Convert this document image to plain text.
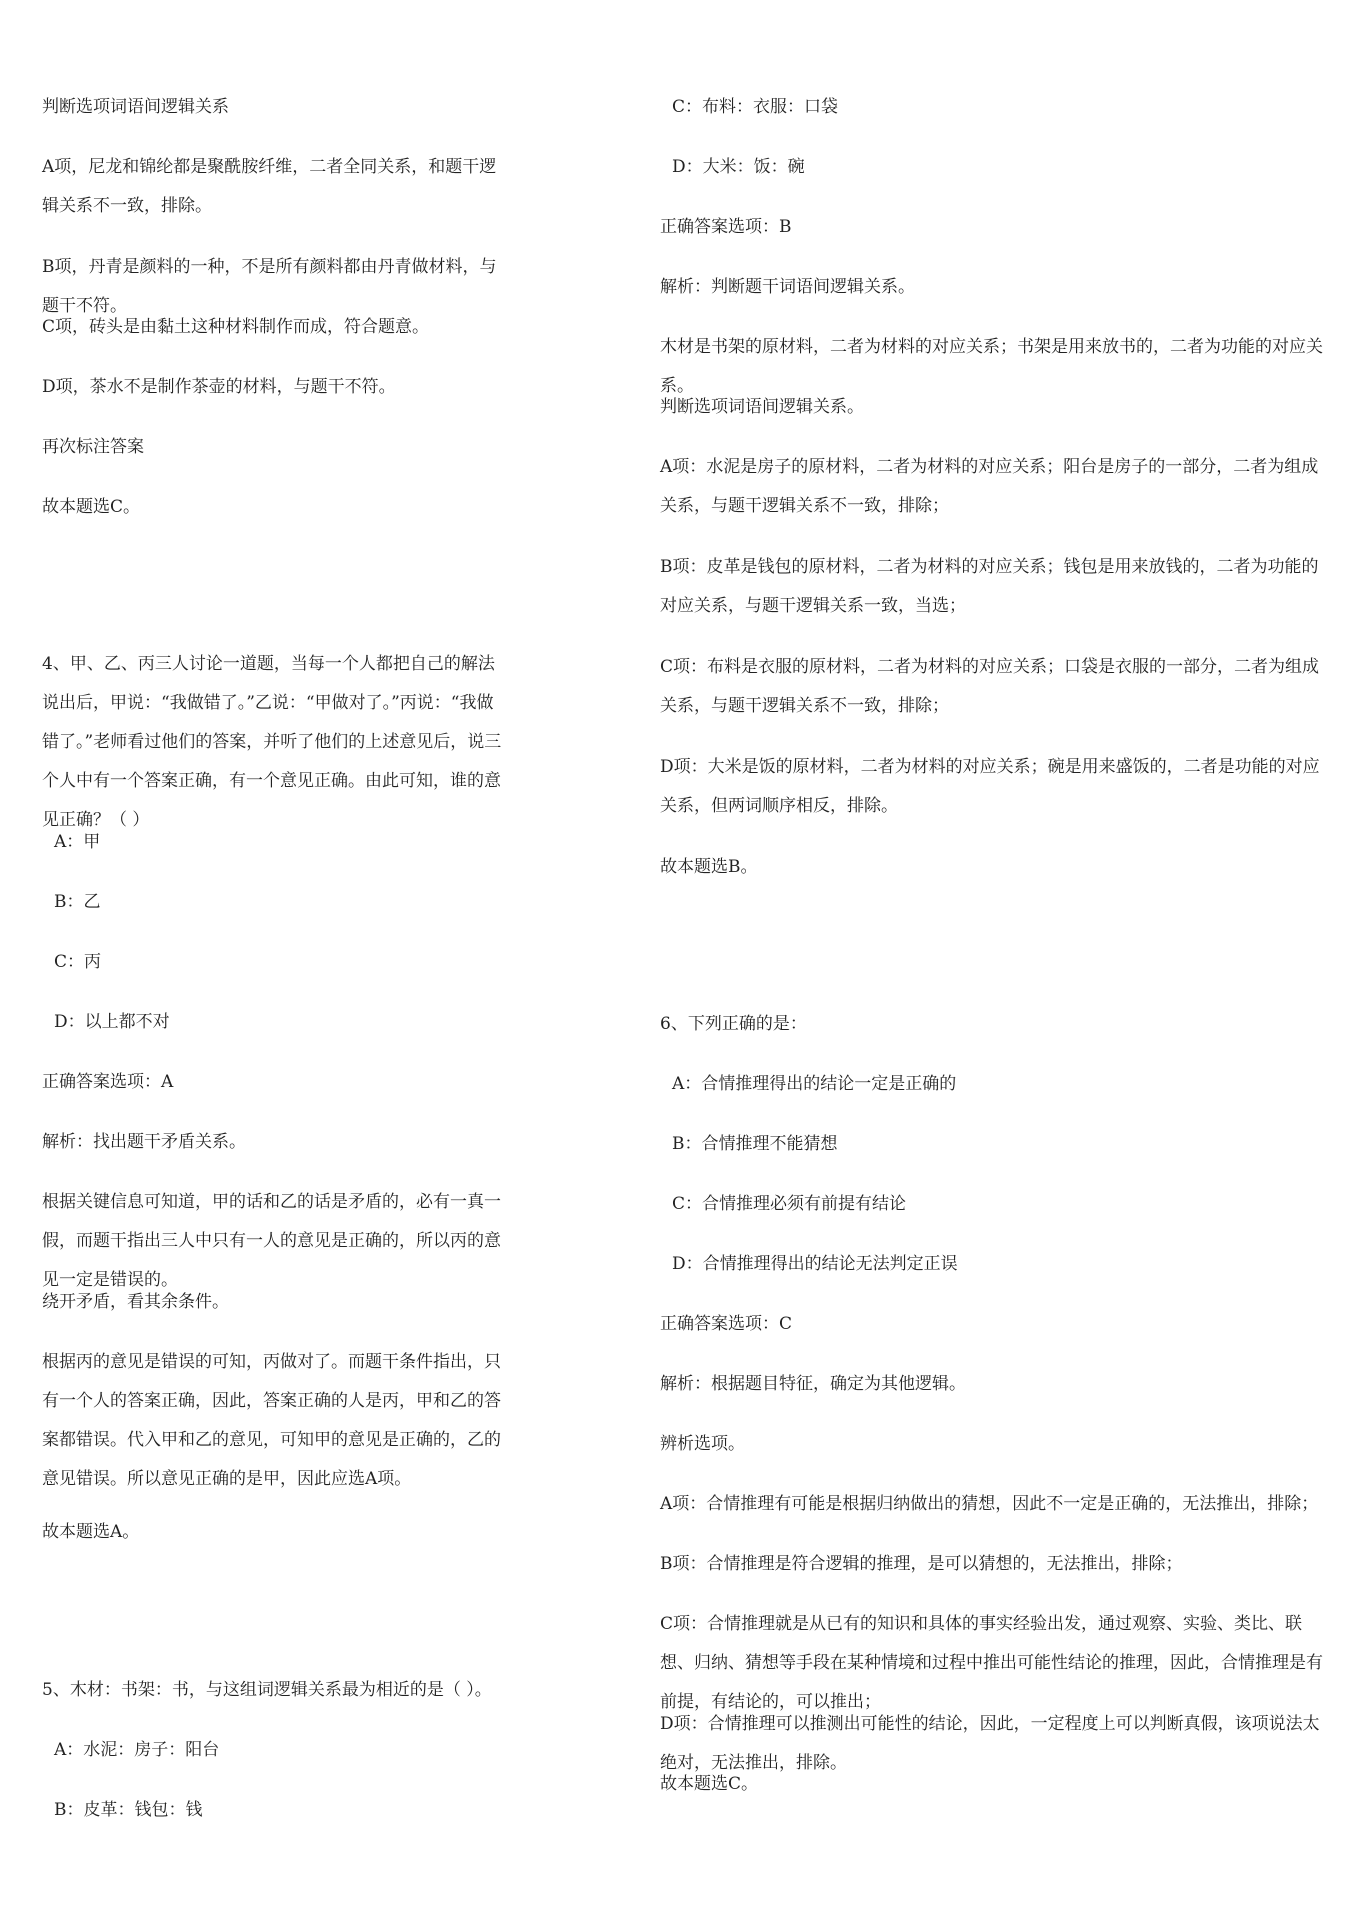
判断选项词语间逻辑关系

A项，尼龙和锦纶都是聚酰胺纤维，二者全同关系，和题干逻辑关系不一致，排除。

B项，丹青是颜料的一种，不是所有颜料都由丹青做材料，与题干不符。

C项，砖头是由黏土这种材料制作而成，符合题意。

D项，茶水不是制作茶壶的材料，与题干不符。

再次标注答案

故本题选C。

4、甲、乙、丙三人讨论一道题，当每一个人都把自己的解法说出后，甲说：“我做错了。”乙说：“甲做对了。”丙说：“我做错了。”老师看过他们的答案，并听了他们的上述意见后，说三个人中有一个答案正确，有一个意见正确。由此可知，谁的意见正确？（ ）

A：甲

B：乙

C：丙

D：以上都不对

正确答案选项：A

解析：找出题干矛盾关系。

根据关键信息可知道，甲的话和乙的话是矛盾的，必有一真一假，而题干指出三人中只有一人的意见是正确的，所以丙的意见一定是错误的。

绕开矛盾，看其余条件。

根据丙的意见是错误的可知，丙做对了。而题干条件指出，只有一个人的答案正确，因此，答案正确的人是丙，甲和乙的答案都错误。代入甲和乙的意见，可知甲的意见是正确的，乙的意见错误。所以意见正确的是甲，因此应选A项。

故本题选A。

5、木材：书架：书，与这组词逻辑关系最为相近的是（ ）。

A：水泥：房子：阳台

B：皮革：钱包：钱

C：布料：衣服：口袋

D：大米：饭：碗

正确答案选项：B

解析：判断题干词语间逻辑关系。

木材是书架的原材料，二者为材料的对应关系；书架是用来放书的，二者为功能的对应关系。

判断选项词语间逻辑关系。

A项：水泥是房子的原材料，二者为材料的对应关系；阳台是房子的一部分，二者为组成关系，与题干逻辑关系不一致，排除；

B项：皮革是钱包的原材料，二者为材料的对应关系；钱包是用来放钱的，二者为功能的对应关系，与题干逻辑关系一致，当选；

C项：布料是衣服的原材料，二者为材料的对应关系；口袋是衣服的一部分，二者为组成关系，与题干逻辑关系不一致，排除；

D项：大米是饭的原材料，二者为材料的对应关系；碗是用来盛饭的，二者是功能的对应关系，但两词顺序相反，排除。

故本题选B。

6、下列正确的是：

A：合情推理得出的结论一定是正确的

B：合情推理不能猜想

C：合情推理必须有前提有结论

D：合情推理得出的结论无法判定正误

正确答案选项：C

解析：根据题目特征，确定为其他逻辑。

辨析选项。

A项：合情推理有可能是根据归纳做出的猜想，因此不一定是正确的，无法推出，排除；

B项：合情推理是符合逻辑的推理，是可以猜想的，无法推出，排除；

C项：合情推理就是从已有的知识和具体的事实经验出发，通过观察、实验、类比、联想、归纳、猜想等手段在某种情境和过程中推出可能性结论的推理，因此，合情推理是有前提，有结论的，可以推出；

D项：合情推理可以推测出可能性的结论，因此，一定程度上可以判断真假，该项说法太绝对，无法推出，排除。

故本题选C。
